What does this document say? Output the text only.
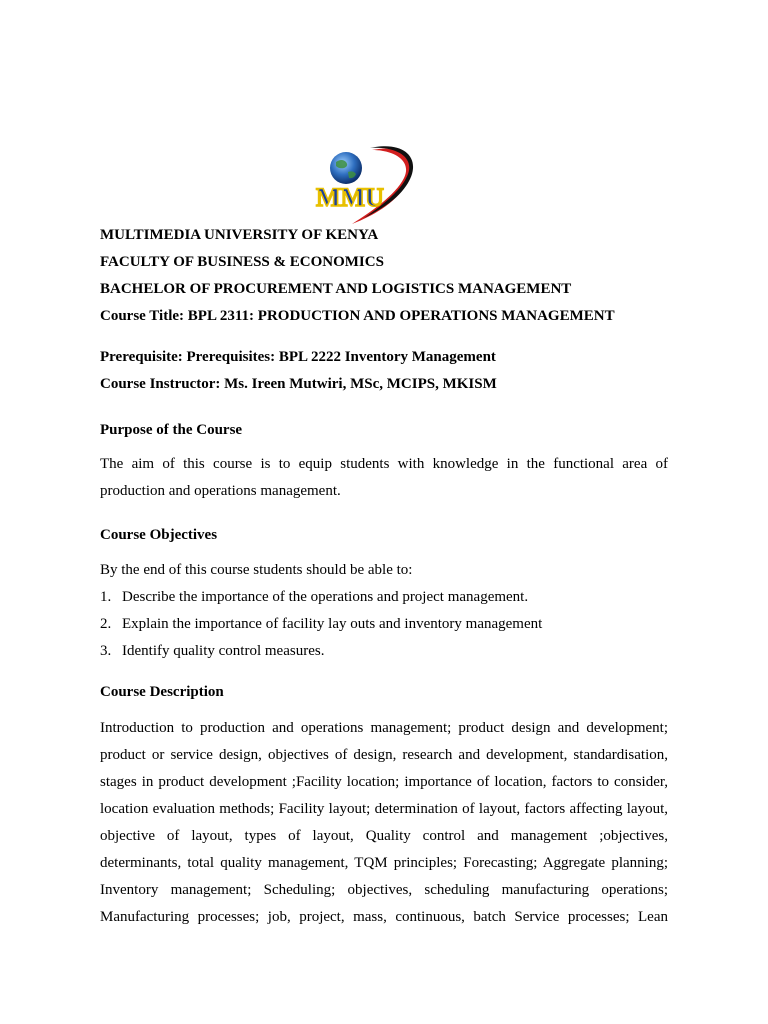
MMU
MULTIMEDIA UNIVERSITY OF KENYA
FACULTY OF BUSINESS & ECONOMICS
BACHELOR OF PROCUREMENT AND LOGISTICS MANAGEMENT
Course Title: BPL 2311: PRODUCTION AND OPERATIONS MANAGEMENT
Prerequisite: Prerequisites: BPL 2222 Inventory Management
Course Instructor: Ms. Ireen Mutwiri, MSc, MCIPS, MKISM
Purpose of the Course
The aim of this course is to equip students with knowledge in the functional area of
production and operations management.
Course Objectives
By the end of this course students should be able to:
1. Describe the importance of the operations and project management.
2. Explain the importance of facility lay outs and inventory management
3. Identify quality control measures.
Course Description
Introduction to production and operations management; product design and development;
product or service design, objectives of design, research and development, standardisation,
stages in product development ;Facility location; importance of location, factors to consider,
location evaluation methods; Facility layout; determination of layout, factors affecting layout,
objective of layout, types of layout, Quality control and management ;objectives,
determinants, total quality management, TQM principles; Forecasting; Aggregate planning;
Inventory management; Scheduling; objectives, scheduling manufacturing operations;
Manufacturing processes; job, project, mass, continuous, batch Service processes; Lean
